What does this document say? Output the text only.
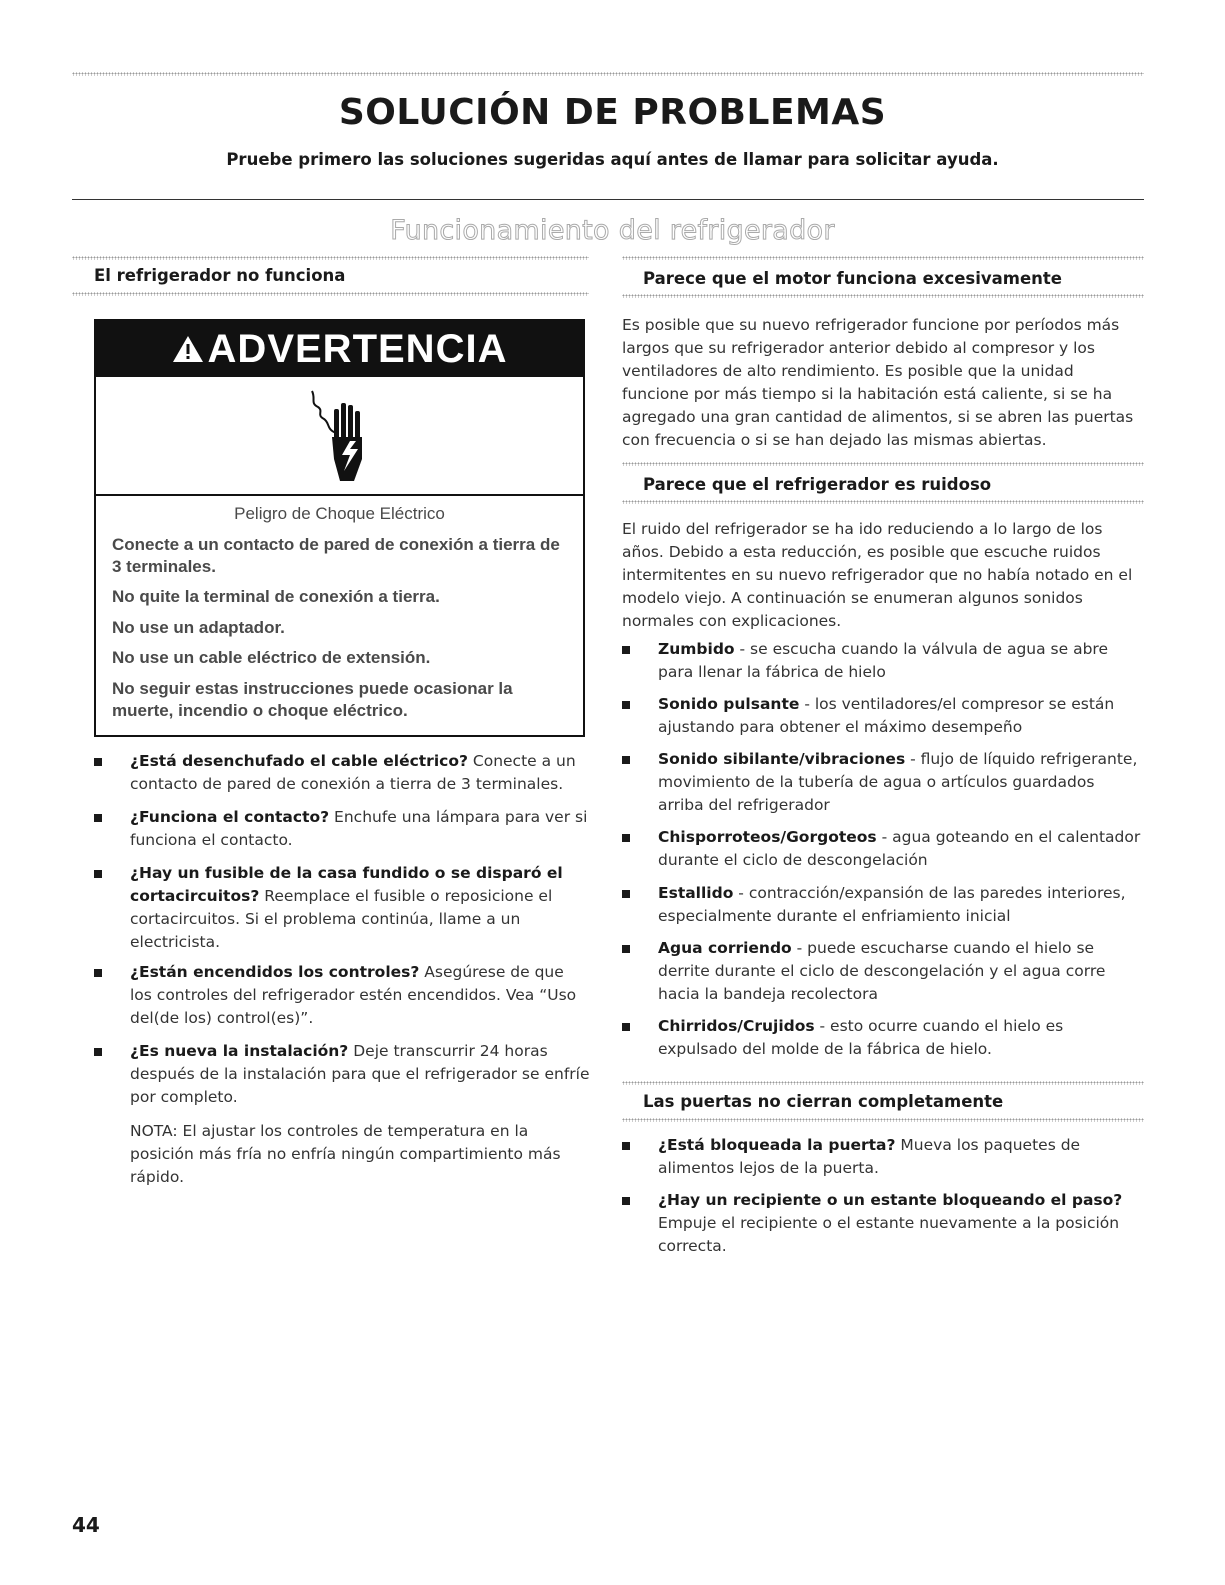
SOLUCIÓN DE PROBLEMAS
Pruebe primero las soluciones sugeridas aquí antes de llamar para solicitar ayuda.
Funcionamiento del refrigerador
El refrigerador no funciona
ADVERTENCIA

Peligro de Choque Eléctrico

Conecte a un contacto de pared de conexión a tierra de 3 terminales.

No quite la terminal de conexión a tierra.

No use un adaptador.

No use un cable eléctrico de extensión.

No seguir estas instrucciones puede ocasionar la muerte, incendio o choque eléctrico.

¿Está desenchufado el cable eléctrico? Conecte a un contacto de pared de conexión a tierra de 3 terminales.

¿Funciona el contacto? Enchufe una lámpara para ver si funciona el contacto.

¿Hay un fusible de la casa fundido o se disparó el cortacircuitos? Reemplace el fusible o reposicione el cortacircuitos. Si el problema continúa, llame a un electricista.

¿Están encendidos los controles? Asegúrese de que los controles del refrigerador estén encendidos. Vea “Uso del(de los) control(es)”.

¿Es nueva la instalación? Deje transcurrir 24 horas después de la instalación para que el refrigerador se enfríe por completo.

NOTA: El ajustar los controles de temperatura en la posición más fría no enfría ningún compartimiento más rápido.

Parece que el motor funciona excesivamente

Es posible que su nuevo refrigerador funcione por períodos más largos que su refrigerador anterior debido al compresor y los ventiladores de alto rendimiento. Es posible que la unidad funcione por más tiempo si la habitación está caliente, si se ha agregado una gran cantidad de alimentos, si se abren las puertas con frecuencia o si se han dejado las mismas abiertas.

Parece que el refrigerador es ruidoso

El ruido del refrigerador se ha ido reduciendo a lo largo de los años. Debido a esta reducción, es posible que escuche ruidos intermitentes en su nuevo refrigerador que no había notado en el modelo viejo. A continuación se enumeran algunos sonidos normales con explicaciones.

Zumbido - se escucha cuando la válvula de agua se abre para llenar la fábrica de hielo

Sonido pulsante - los ventiladores/el compresor se están ajustando para obtener el máximo desempeño

Sonido sibilante/vibraciones - flujo de líquido refrigerante, movimiento de la tubería de agua o artículos guardados arriba del refrigerador

Chisporroteos/Gorgoteos - agua goteando en el calentador durante el ciclo de descongelación

Estallido - contracción/expansión de las paredes interiores, especialmente durante el enfriamiento inicial

Agua corriendo - puede escucharse cuando el hielo se derrite durante el ciclo de descongelación y el agua corre hacia la bandeja recolectora

Chirridos/Crujidos - esto ocurre cuando el hielo es expulsado del molde de la fábrica de hielo.

Las puertas no cierran completamente

¿Está bloqueada la puerta? Mueva los paquetes de alimentos lejos de la puerta.

¿Hay un recipiente o un estante bloqueando el paso? Empuje el recipiente o el estante nuevamente a la posición correcta.

44
